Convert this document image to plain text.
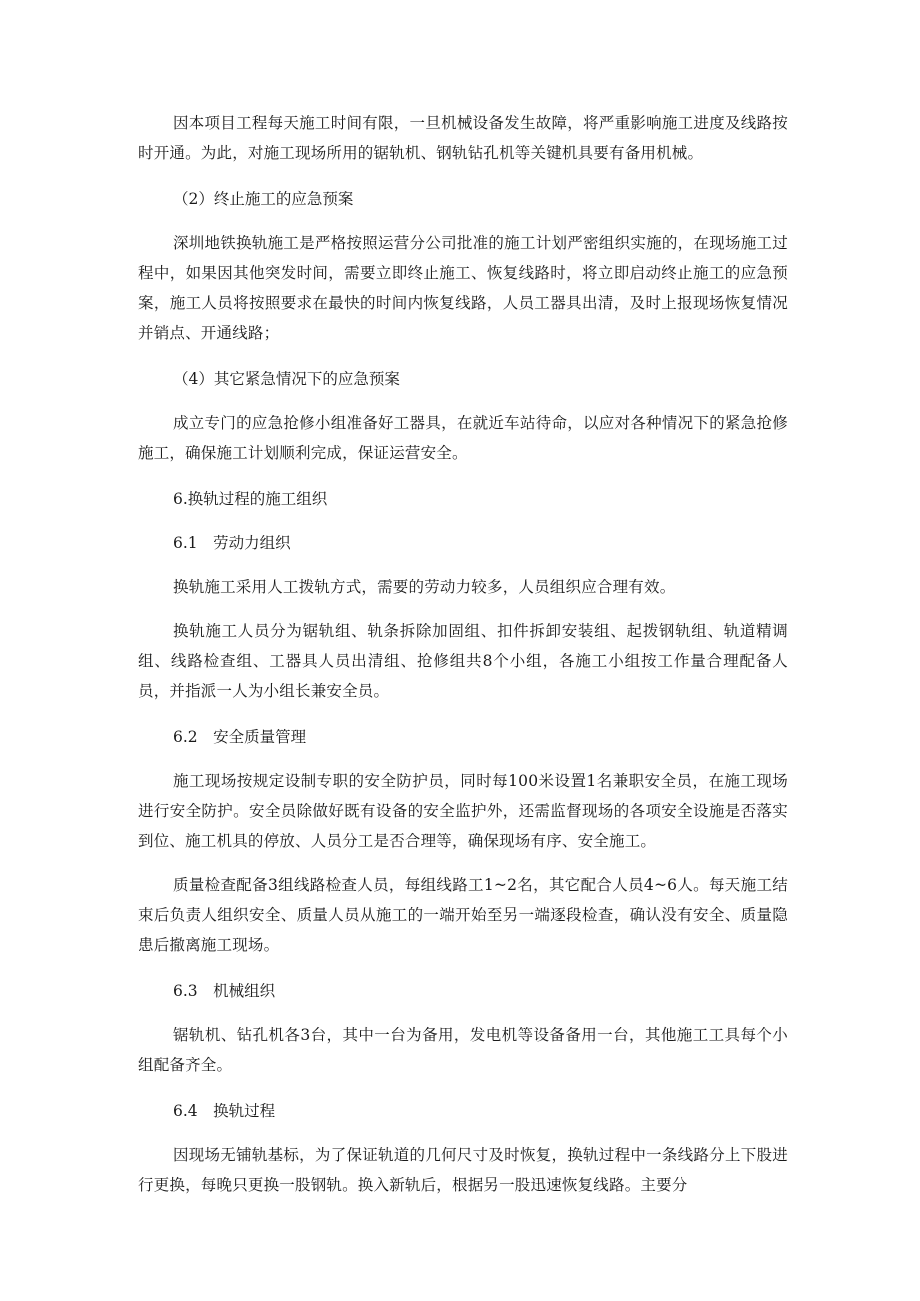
因本项目工程每天施工时间有限，一旦机械设备发生故障，将严重影响施工进度及线路按时开通。为此，对施工现场所用的锯轨机、钢轨钻孔机等关键机具要有备用机械。

（2）终止施工的应急预案

深圳地铁换轨施工是严格按照运营分公司批准的施工计划严密组织实施的，在现场施工过程中，如果因其他突发时间，需要立即终止施工、恢复线路时，将立即启动终止施工的应急预案，施工人员将按照要求在最快的时间内恢复线路，人员工器具出清，及时上报现场恢复情况并销点、开通线路；

（4）其它紧急情况下的应急预案

成立专门的应急抢修小组准备好工器具，在就近车站待命，以应对各种情况下的紧急抢修施工，确保施工计划顺利完成，保证运营安全。

6.换轨过程的施工组织

6.1　劳动力组织

换轨施工采用人工拨轨方式，需要的劳动力较多，人员组织应合理有效。

换轨施工人员分为锯轨组、轨条拆除加固组、扣件拆卸安装组、起拨钢轨组、轨道精调组、线路检查组、工器具人员出清组、抢修组共8个小组，各施工小组按工作量合理配备人员，并指派一人为小组长兼安全员。

6.2　安全质量管理

施工现场按规定设制专职的安全防护员，同时每100米设置1名兼职安全员，在施工现场进行安全防护。安全员除做好既有设备的安全监护外，还需监督现场的各项安全设施是否落实到位、施工机具的停放、人员分工是否合理等，确保现场有序、安全施工。

质量检查配备3组线路检查人员，每组线路工1~2名，其它配合人员4~6人。每天施工结束后负责人组织安全、质量人员从施工的一端开始至另一端逐段检查，确认没有安全、质量隐患后撤离施工现场。

6.3　机械组织

锯轨机、钻孔机各3台，其中一台为备用，发电机等设备备用一台，其他施工工具每个小组配备齐全。

6.4　换轨过程

因现场无铺轨基标，为了保证轨道的几何尺寸及时恢复，换轨过程中一条线路分上下股进行更换，每晚只更换一股钢轨。换入新轨后，根据另一股迅速恢复线路。主要分
